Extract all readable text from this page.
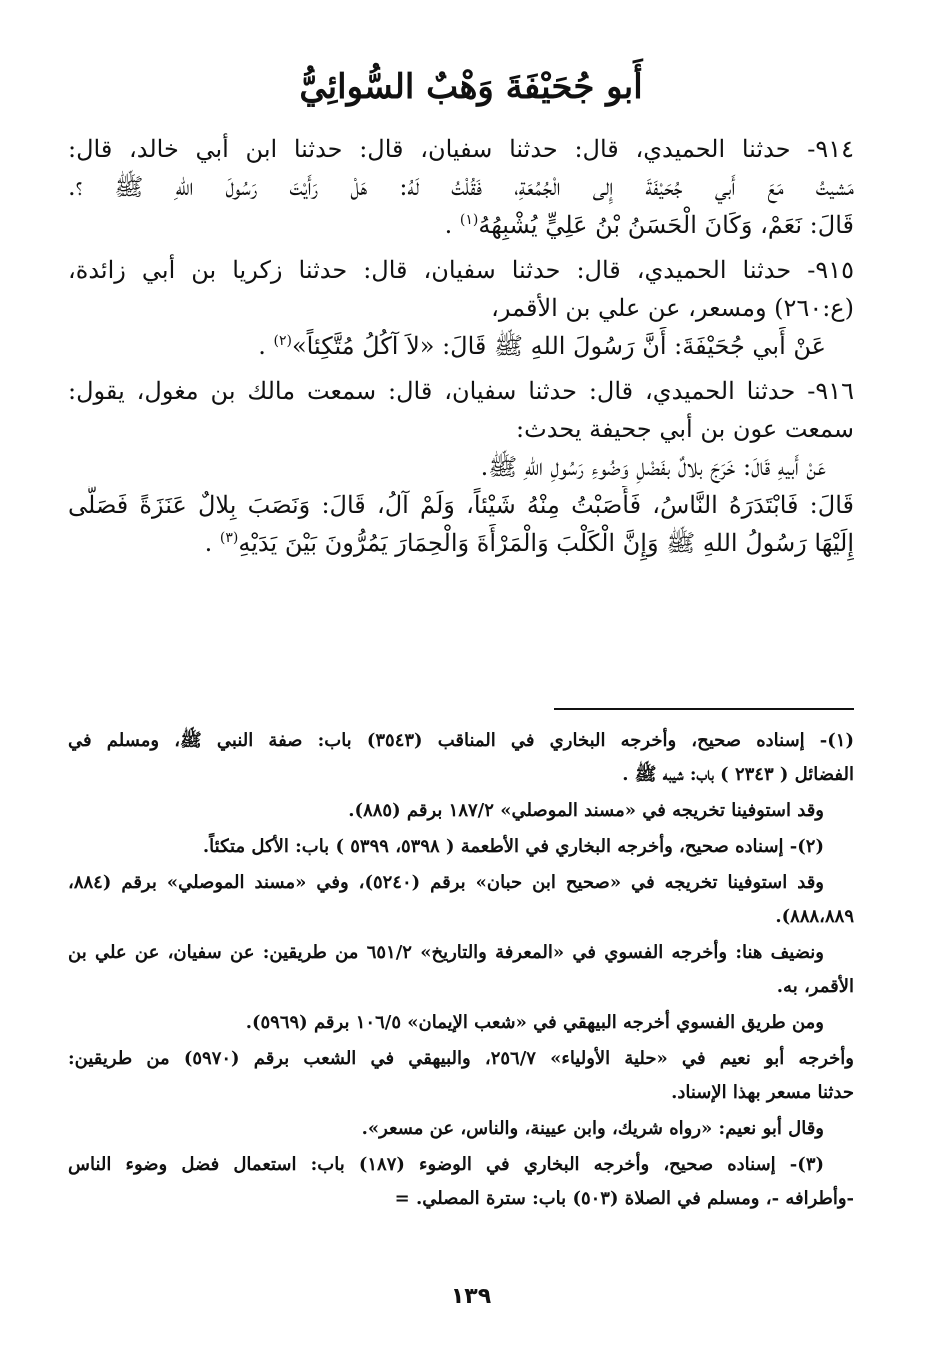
أَبو جُحَيْفَةَ وَهْبٌ السُّوائِيُّ

٩١٤- حدثنا الحميدي، قال: حدثنا سفيان، قال: حدثنا ابن أبي خالد، قال:

مَشيتُ مَعَ أَبي جُحَيْفَةَ إِلى الْجُمُعَةِ، فَقُلْتُ لَهُ: هَلْ رَأَيْتَ رَسُولَ اللهِ ﷺ ؟.

قَالَ: نَعَمْ، وَكَانَ الْحَسَنُ بْنُ عَلِيٍّ يُشْبِهُهُ$^{(١)}$ .

٩١٥- حدثنا الحميدي، قال: حدثنا سفيان، قال: حدثنا زكريا بن أبي زائدة،

(ع:٢٦٠) ومسعر، عن علي بن الأقمر،

عَنْ أَبي جُحَيْفَةَ: أَنَّ رَسُولَ اللهِ ﷺ قَالَ: «لاَ آكُلُ مُتَّكِئاً»$^{(٢)}$ .

٩١٦- حدثنا الحميدي، قال: حدثنا سفيان، قال: سمعت مالك بن مغول، يقول:

سمعت عون بن أبي جحيفة يحدث:

عَنْ أَبيهِ قَالَ: خَرَجَ بلالٌ بفَضْلِ وَضُوءِ رَسُولِ اللهِ ﷺ.

قَالَ: فَابْتَدَرَهُ النَّاسُ، فَأَصَبْتُ مِنْهُ شَيْئاً، وَلَمْ آلُ، قَالَ: وَنَصَبَ بِلالٌ عَنَزَةً فَصَلَّى

إِلَيْهَا رَسُولُ اللهِ ﷺ وَإِنَّ الْكَلْبَ وَالْمَرْأَةَ وَالْحِمَارَ يَمُرُّونَ بَيْنَ يَدَيْهِ$^{(٣)}$ .

(١)- إسناده صحيح، وأخرجه البخاري في المناقب (٣٥٤٣) باب: صفة النبي ﷺ، ومسلم في

الفضائل ( ٢٣٤٣ ) باب: شيبه ﷺ .

وقد استوفينا تخريجه في «مسند الموصلي» ١٨٧/٢ برقم (٨٨٥).

(٢)- إسناده صحيح، وأخرجه البخاري في الأطعمة ( ٥٣٩٨، ٥٣٩٩ ) باب: الأكل متكئاً.

وقد استوفينا تخريجه في «صحيح ابن حبان» برقم (٥٢٤٠)، وفي «مسند الموصلي» برقم (٨٨٤،

٨٨٨،٨٨٩).

ونضيف هنا: وأخرجه الفسوي في «المعرفة والتاريخ» ٦٥١/٢ من طريقين: عن سفيان، عن علي بن

الأقمر، به.

ومن طريق الفسوي أخرجه البيهقي في «شعب الإيمان» ١٠٦/٥ برقم (٥٩٦٩).

وأخرجه أبو نعيم في «حلية الأولياء» ٢٥٦/٧، والبيهقي في الشعب برقم (٥٩٧٠) من طريقين:

حدثنا مسعر بهذا الإسناد.

وقال أبو نعيم: «رواه شريك، وابن عيينة، والناس، عن مسعر».

(٣)- إسناده صحيح، وأخرجه البخاري في الوضوء (١٨٧) باب: استعمال فضل وضوء الناس

-وأطرافه -، ومسلم في الصلاة (٥٠٣) باب: سترة المصلي. =

١٣٩
